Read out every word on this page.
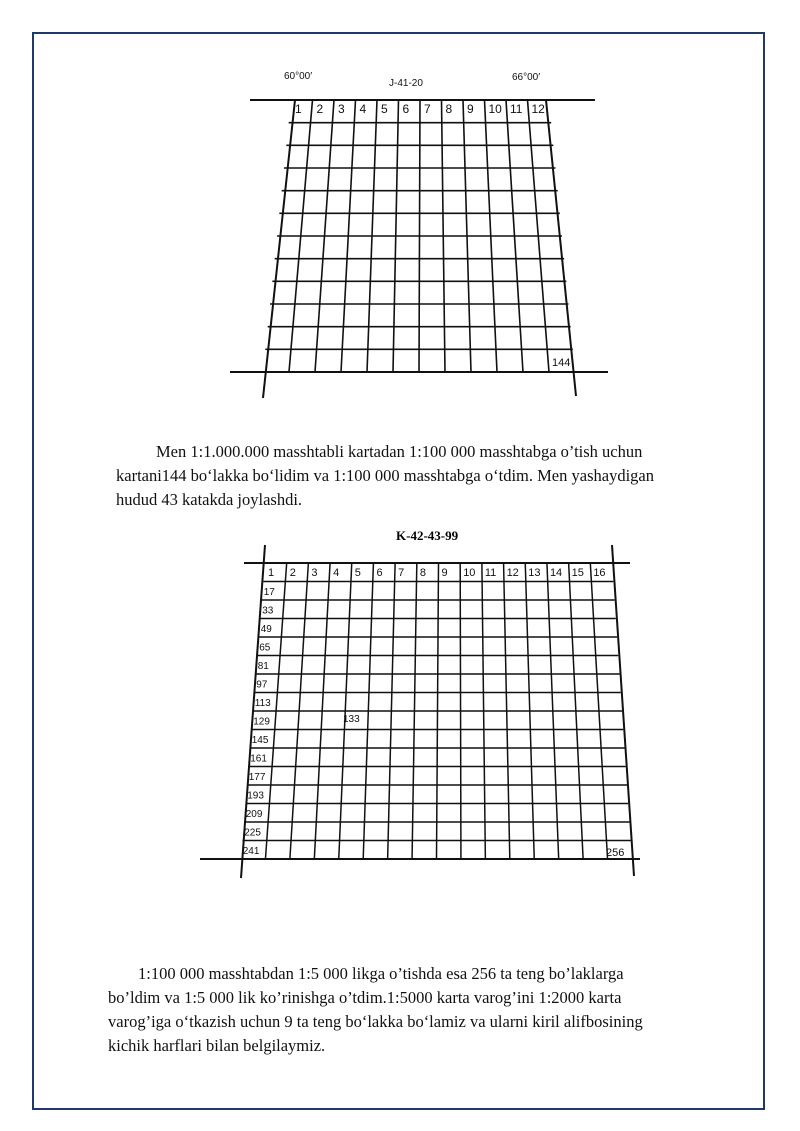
60°00′	66°00′
J-41-20
1 2 3 4 5 6 7 8 9 10 11 12
144

Men 1:1.000.000 masshtabli kartadan 1:100 000 masshtabga o’tish uchun
kartani144 bo‘lakka bo‘lidim va 1:100 000 masshtabga o‘tdim. Men yashaydigan
hudud 43 katakda joylashdi.

K-42-43-99
1 2 3 4 5 6 7 8 9 10 11 12 13 14 15 16
17
33
49
65
81
97
113
129
145
161
177
193
209
225
241
133
256

1:100 000 masshtabdan 1:5 000 likga o’tishda esa 256 ta teng bo’laklarga
bo’ldim va 1:5 000 lik ko’rinishga o’tdim.1:5000 karta varog’ini 1:2000 karta
varog’iga o‘tkazish uchun 9 ta teng bo‘lakka bo‘lamiz va ularni kiril alifbosining
kichik harflari bilan belgilaymiz.
